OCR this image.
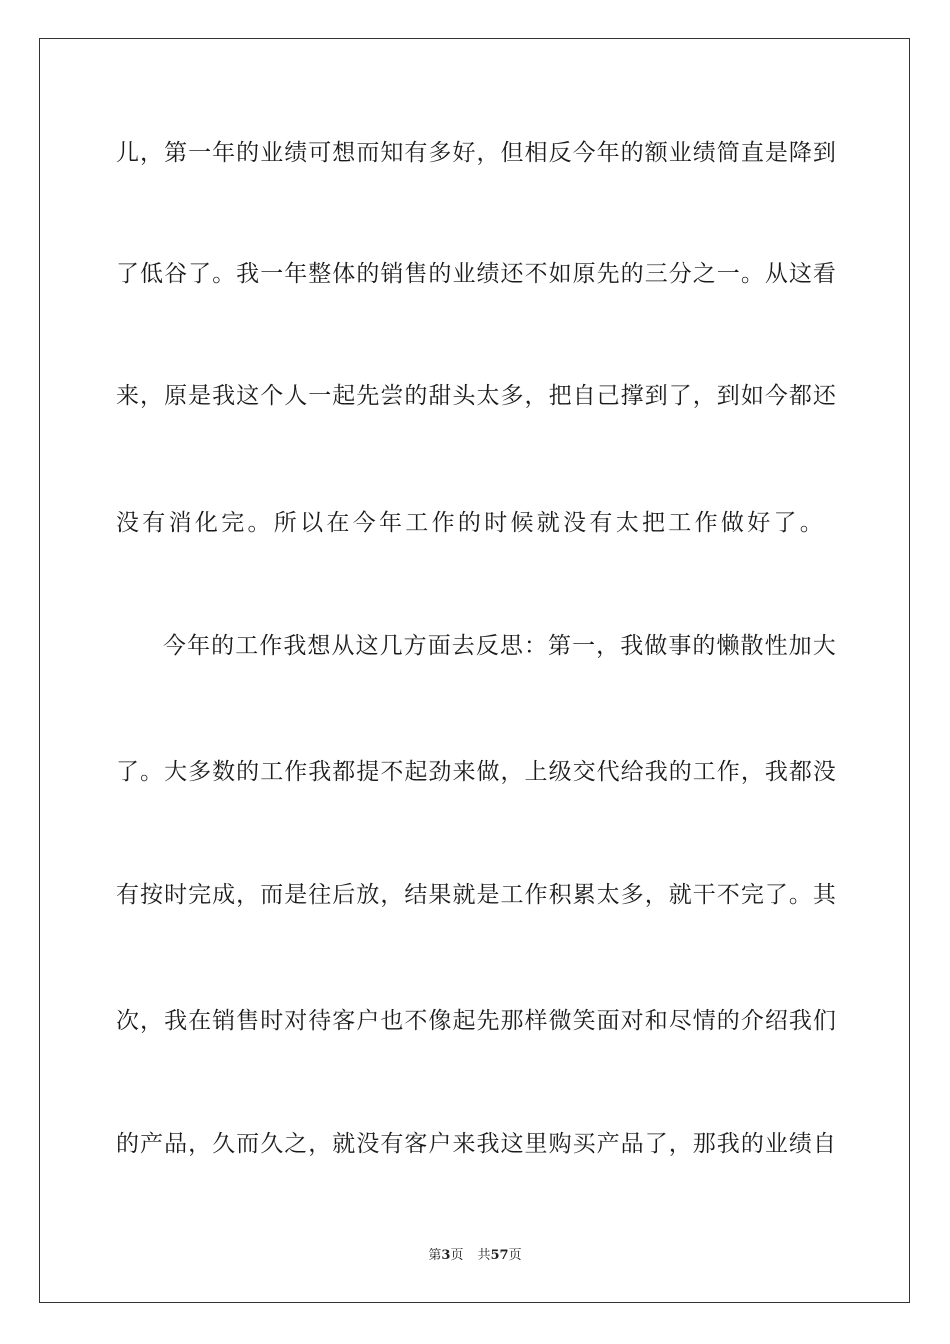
儿 ， 第 一 年 的 业 绩 可 想 而 知 有 多 好 ， 但 相 反 今 年 的 额 业 绩 简 直 是 降 到
了 低 谷 了 。 我 一 年 整 体 的 销 售 的 业 绩 还 不 如 原 先 的 三 分 之 一 。 从 这 看
来 ， 原 是 我 这 个 人 一 起 先 尝 的 甜 头 太 多 ， 把 自 己 撑 到 了 ， 到 如 今 都 还
没有消化完。所以在今年工作的时候就没有太把工作做好了。
今 年 的 工 作 我 想 从 这 几 方 面 去 反 思 ： 第 一 ， 我 做 事 的 懒 散 性 加 大
了 。 大 多 数 的 工 作 我 都 提 不 起 劲 来 做 ， 上 级 交 代 给 我 的 工 作 ， 我 都 没
有 按 时 完 成 ， 而 是 往 后 放 ， 结 果 就 是 工 作 积 累 太 多 ， 就 干 不 完 了 。 其
次 ， 我 在 销 售 时 对 待 客 户 也 不 像 起 先 那 样 微 笑 面 对 和 尽 情 的 介 绍 我 们
的 产 品 ， 久 而 久 之 ， 就 没 有 客 户 来 我 这 里 购 买 产 品 了 ， 那 我 的 业 绩 自
第3页 共57页
